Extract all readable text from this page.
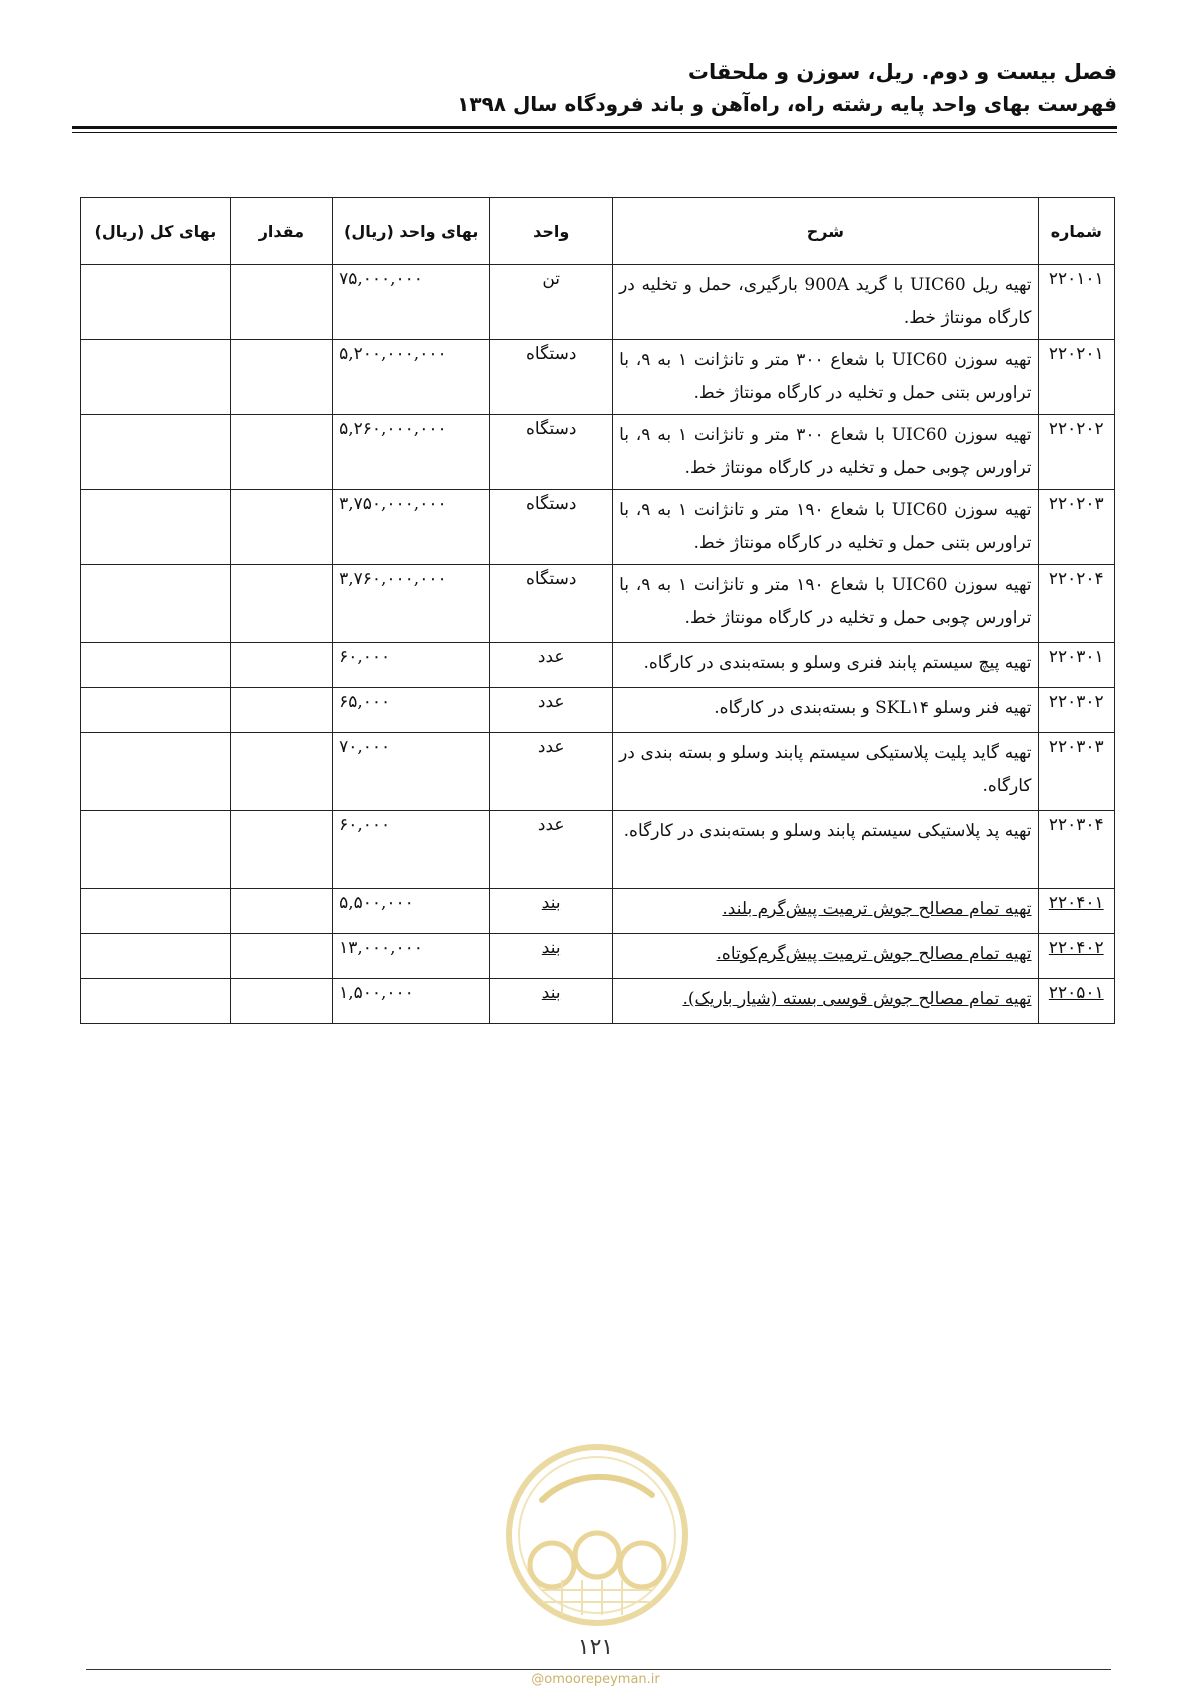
فصل بیست و دوم. ریل، سوزن و ملحقات
فهرست بهای واحد پایه رشته راه، راه‌آهن و باند فرودگاه سال ۱۳۹۸
شماره	شرح	واحد	بهای واحد (ریال)	مقدار	بهای کل (ریال)
۲۲۰۱۰۱	تهیه ریل UIC60 با گرید 900A بارگیری، حمل و تخلیه در کارگاه مونتاژ خط.	تن	۷۵,۰۰۰,۰۰۰		
۲۲۰۲۰۱	تهیه سوزن UIC60 با شعاع ۳۰۰ متر و تانژانت ۱ به ۹، با تراورس بتنی حمل و تخلیه در کارگاه مونتاژ خط.	دستگاه	۵,۲۰۰,۰۰۰,۰۰۰		
۲۲۰۲۰۲	تهیه سوزن UIC60 با شعاع ۳۰۰ متر و تانژانت ۱ به ۹، با تراورس چوبی حمل و تخلیه در کارگاه مونتاژ خط.	دستگاه	۵,۲۶۰,۰۰۰,۰۰۰		
۲۲۰۲۰۳	تهیه سوزن UIC60 با شعاع ۱۹۰ متر و تانژانت ۱ به ۹، با تراورس بتنی حمل و تخلیه در کارگاه مونتاژ خط.	دستگاه	۳,۷۵۰,۰۰۰,۰۰۰		
۲۲۰۲۰۴	تهیه سوزن UIC60 با شعاع ۱۹۰ متر و تانژانت ۱ به ۹، با تراورس چوبی حمل و تخلیه در کارگاه مونتاژ خط.	دستگاه	۳,۷۶۰,۰۰۰,۰۰۰		
۲۲۰۳۰۱	تهیه پیچ سیستم پابند فنری وسلو و بسته‌بندی در کارگاه.	عدد	۶۰,۰۰۰		
۲۲۰۳۰۲	تهیه فنر وسلو SKL۱۴ و بسته‌بندی در کارگاه.	عدد	۶۵,۰۰۰		
۲۲۰۳۰۳	تهیه گاید پلیت پلاستیکی سیستم پابند وسلو و بسته بندی در کارگاه.	عدد	۷۰,۰۰۰		
۲۲۰۳۰۴	تهیه پد پلاستیکی سیستم پابند وسلو و بسته‌بندی در کارگاه.	عدد	۶۰,۰۰۰		
۲۲۰۴۰۱	تهیه تمام مصالح جوش ترمیت پیش‌گرم بلند.	بند	۵,۵۰۰,۰۰۰		
۲۲۰۴۰۲	تهیه تمام مصالح جوش ترمیت پیش‌گرم‌کوتاه.	بند	۱۳,۰۰۰,۰۰۰		
۲۲۰۵۰۱	تهیه تمام مصالح جوش قوسی بسته (شیار باریک).	بند	۱,۵۰۰,۰۰۰		
۱۲۱
@omoorepeyman.ir
